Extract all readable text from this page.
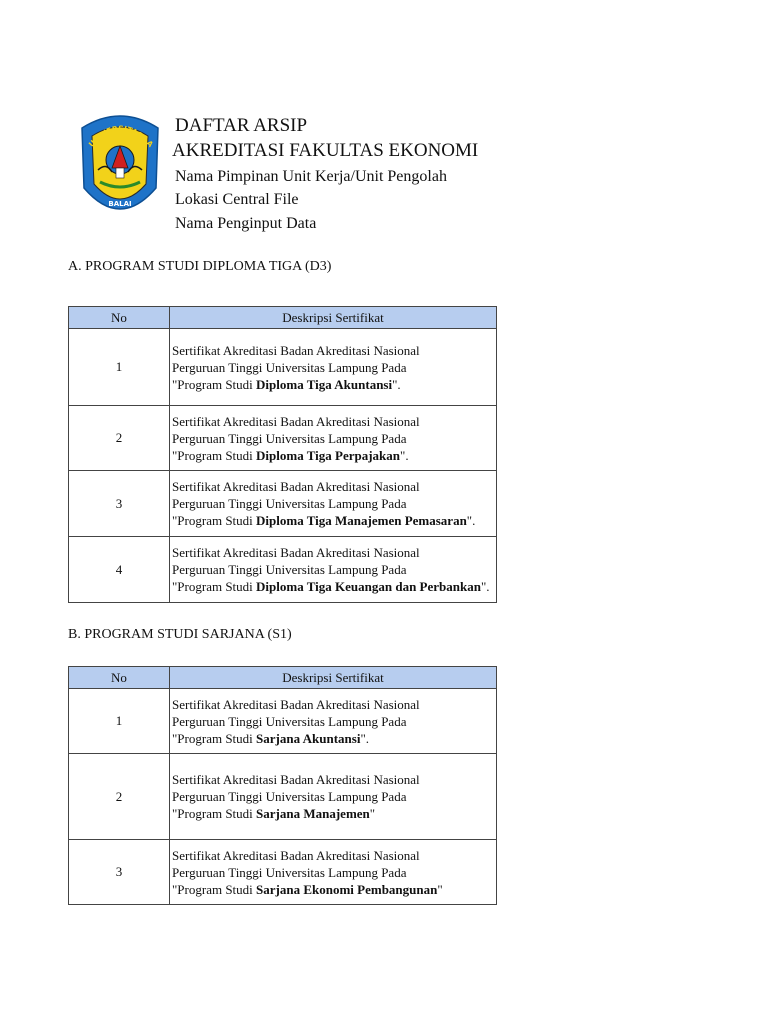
UNIVERSITAS LA
BALAI
DAFTAR ARSIP
AKREDITASI FAKULTAS EKONOMI
Nama Pimpinan Unit Kerja/Unit Pengolah
Lokasi Central File
Nama Penginput Data
A. PROGRAM STUDI DIPLOMA TIGA (D3)
No	Deskripsi Sertifikat
1	Sertifikat Akreditasi Badan Akreditasi Nasional
Perguruan Tinggi Universitas Lampung Pada
"Program Studi Diploma Tiga Akuntansi".
2	Sertifikat Akreditasi Badan Akreditasi Nasional
Perguruan Tinggi Universitas Lampung Pada
"Program Studi Diploma Tiga Perpajakan".
3	Sertifikat Akreditasi Badan Akreditasi Nasional
Perguruan Tinggi Universitas Lampung Pada
"Program Studi Diploma Tiga Manajemen Pemasaran".
4	Sertifikat Akreditasi Badan Akreditasi Nasional
Perguruan Tinggi Universitas Lampung Pada
"Program Studi Diploma Tiga Keuangan dan Perbankan".
B. PROGRAM STUDI SARJANA (S1)
No	Deskripsi Sertifikat
1	Sertifikat Akreditasi Badan Akreditasi Nasional
Perguruan Tinggi Universitas Lampung Pada
"Program Studi Sarjana Akuntansi".
2	Sertifikat Akreditasi Badan Akreditasi Nasional
Perguruan Tinggi Universitas Lampung Pada
"Program Studi Sarjana Manajemen"
3	Sertifikat Akreditasi Badan Akreditasi Nasional
Perguruan Tinggi Universitas Lampung Pada
"Program Studi Sarjana Ekonomi Pembangunan"
